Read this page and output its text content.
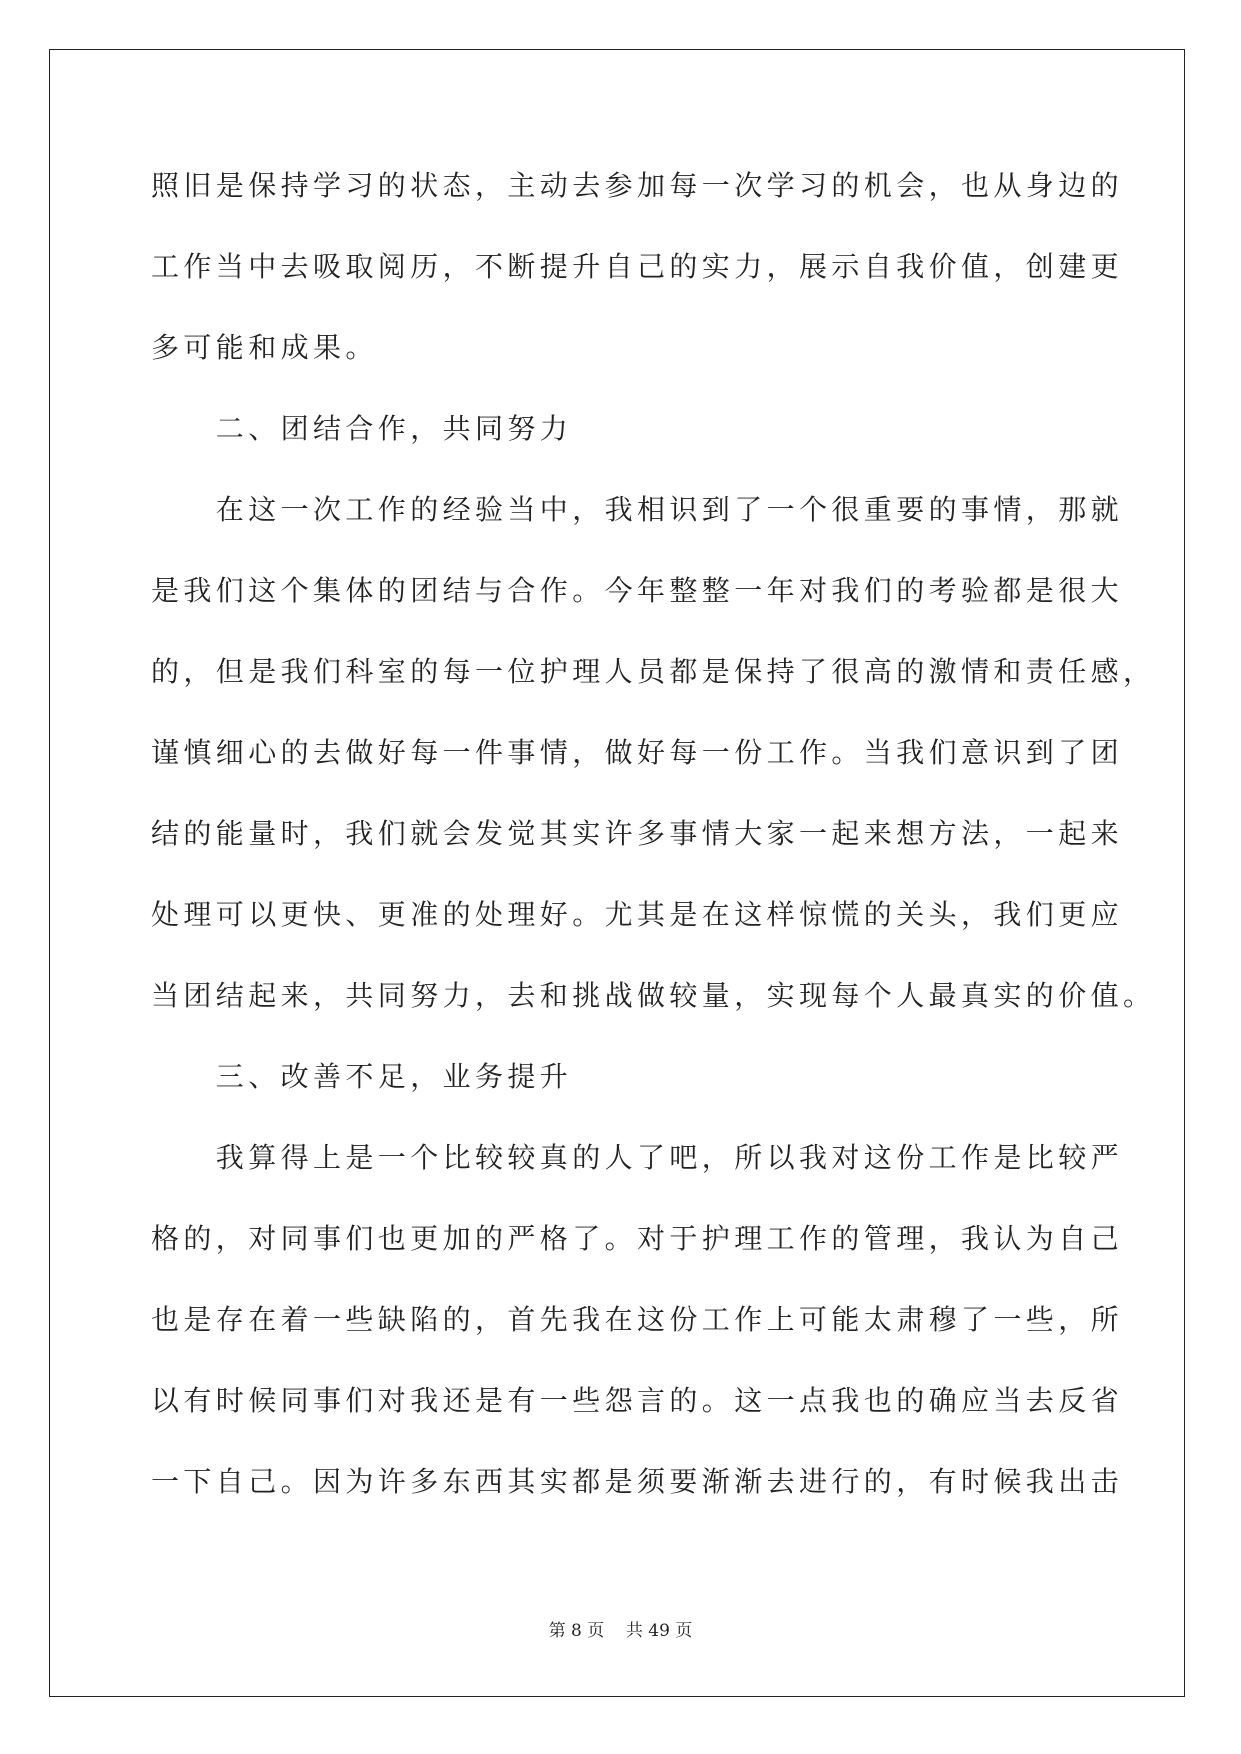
照旧是保持学习的状态，主动去参加每一次学习的机会，也从身边的
工作当中去吸取阅历，不断提升自己的实力，展示自我价值，创建更
多可能和成果。
　　二、团结合作，共同努力
　　在这一次工作的经验当中，我相识到了一个很重要的事情，那就
是我们这个集体的团结与合作。今年整整一年对我们的考验都是很大
的，但是我们科室的每一位护理人员都是保持了很高的激情和责任感，
谨慎细心的去做好每一件事情，做好每一份工作。当我们意识到了团
结的能量时，我们就会发觉其实许多事情大家一起来想方法，一起来
处理可以更快、更准的处理好。尤其是在这样惊慌的关头，我们更应
当团结起来，共同努力，去和挑战做较量，实现每个人最真实的价值。
　　三、改善不足，业务提升
　　我算得上是一个比较较真的人了吧，所以我对这份工作是比较严
格的，对同事们也更加的严格了。对于护理工作的管理，我认为自己
也是存在着一些缺陷的，首先我在这份工作上可能太肃穆了一些，所
以有时候同事们对我还是有一些怨言的。这一点我也的确应当去反省
一下自己。因为许多东西其实都是须要渐渐去进行的，有时候我出击
第 8 页    共 49 页
